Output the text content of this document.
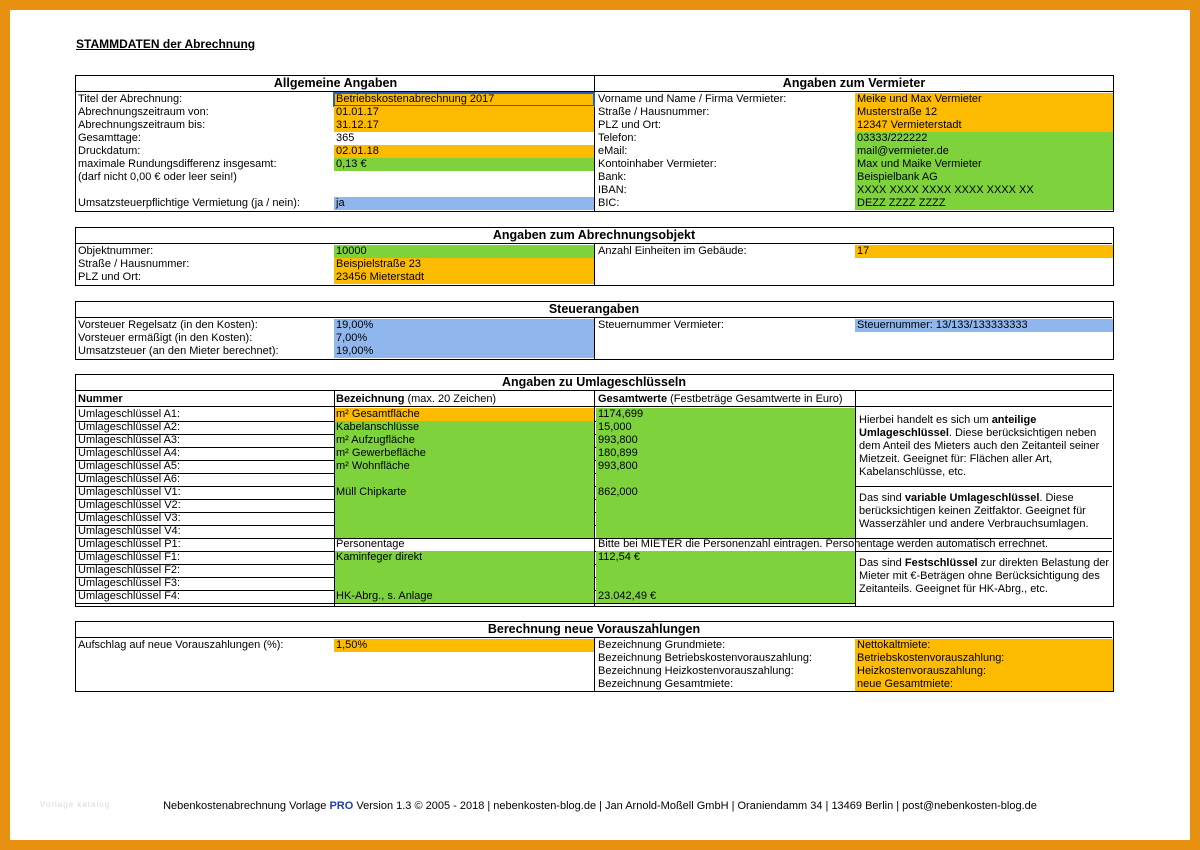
STAMMDATEN der Abrechnung
Allgemeine Angaben	Angaben zum Vermieter
Titel der Abrechnung:	Betriebskostenabrechnung 2017
Abrechnungszeitraum von:	01.01.17
Abrechnungszeitraum bis:	31.12.17
Gesamttage:	365
Druckdatum:	02.01.18
maximale Rundungsdifferenz insgesamt:	0,13 €
(darf nicht 0,00 € oder leer sein!)
Umsatzsteuerpflichtige Vermietung (ja / nein):	ja
Vorname und Name / Firma Vermieter:	Meike und Max Vermieter
Straße / Hausnummer:	Musterstraße 12
PLZ und Ort:	12347 Vermieterstadt
Telefon:	03333/222222
eMail:	mail@vermieter.de
Kontoinhaber Vermieter:	Max und Maike Vermieter
Bank:	Beispielbank AG
IBAN:	XXXX XXXX XXXX XXXX XXXX XX
BIC:	DEZZ ZZZZ ZZZZ
Angaben zum Abrechnungsobjekt
Objektnummer:	10000
Straße / Hausnummer:	Beispielstraße 23
PLZ und Ort:	23456 Mieterstadt
Anzahl Einheiten im Gebäude:	17
Steuerangaben
Vorsteuer Regelsatz (in den Kosten):	19,00%
Vorsteuer ermäßigt (in den Kosten):	7,00%
Umsatzsteuer (an den Mieter berechnet):	19,00%
Steuernummer Vermieter:	Steuernummer: 13/133/133333333
Angaben zu Umlageschlüsseln
Nummer	Bezeichnung (max. 20 Zeichen)	Gesamtwerte (Festbeträge Gesamtwerte in Euro)
Umlageschlüssel A1:	m² Gesamtfläche	1174,699
Umlageschlüssel A2:	Kabelanschlüsse	15,000
Umlageschlüssel A3:	m² Aufzugfläche	993,800
Umlageschlüssel A4:	m² Gewerbefläche	180,899
Umlageschlüssel A5:	m² Wohnfläche	993,800
Umlageschlüssel A6:
Umlageschlüssel V1:	Müll Chipkarte	862,000
Umlageschlüssel V2:
Umlageschlüssel V3:
Umlageschlüssel V4:
Umlageschlüssel P1:	Personentage	Bitte bei MIETER die Personenzahl eintragen. Personentage werden automatisch errechnet.
Umlageschlüssel F1:	Kaminfeger direkt	112,54 €
Umlageschlüssel F2:
Umlageschlüssel F3:
Umlageschlüssel F4:	HK-Abrg., s. Anlage	23.042,49 €
Hierbei handelt es sich um anteilige Umlageschlüssel. Diese berücksichtigen neben dem Anteil des Mieters auch den Zeitanteil seiner Mietzeit. Geeignet für: Flächen aller Art, Kabelanschlüsse, etc.
Das sind variable Umlageschlüssel. Diese berücksichtigen keinen Zeitfaktor. Geeignet für Wasserzähler und andere Verbrauchsumlagen.
Das sind Festschlüssel zur direkten Belastung der Mieter mit €-Beträgen ohne Berücksichtigung des Zeitanteils. Geeignet für HK-Abrg., etc.
Berechnung neue Vorauszahlungen
Aufschlag auf neue Vorauszahlungen (%):	1,50%	Bezeichnung Grundmiete:	Nettokaltmiete:
Bezeichnung Betriebskostenvorauszahlung:	Betriebskostenvorauszahlung:
Bezeichnung Heizkostenvorauszahlung:	Heizkostenvorauszahlung:
Bezeichnung Gesamtmiete:	neue Gesamtmiete:
Vorlage katalog	Nebenkostenabrechnung Vorlage PRO Version 1.3 © 2005 - 2018 | nebenkosten-blog.de | Jan Arnold-Moßell GmbH | Oraniendamm 34 | 13469 Berlin | post@nebenkosten-blog.de
